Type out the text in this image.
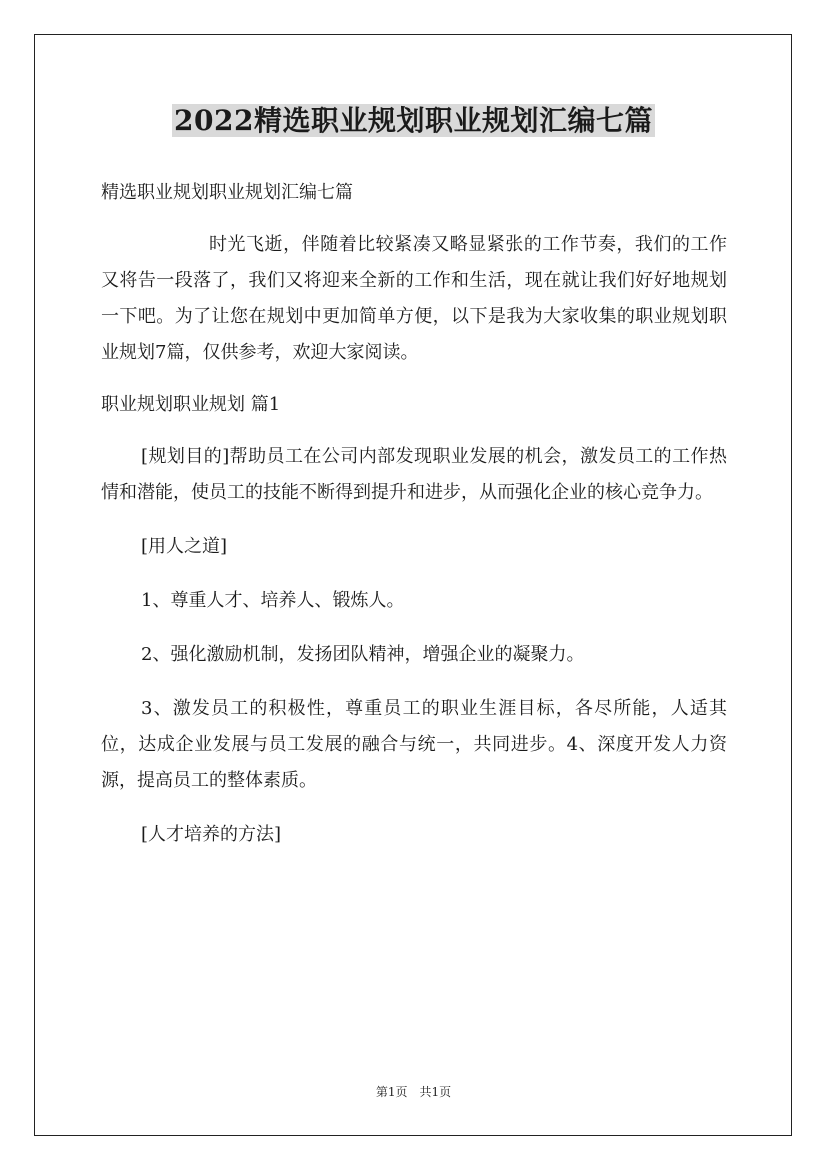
2022精选职业规划职业规划汇编七篇

精选职业规划职业规划汇编七篇

时光飞逝，伴随着比较紧凑又略显紧张的工作节奏，我们的工作又将告一段落了，我们又将迎来全新的工作和生活，现在就让我们好好地规划一下吧。为了让您在规划中更加简单方便，以下是我为大家收集的职业规划职业规划7篇，仅供参考，欢迎大家阅读。

职业规划职业规划 篇1

[规划目的]帮助员工在公司内部发现职业发展的机会，激发员工的工作热情和潜能，使员工的技能不断得到提升和进步，从而强化企业的核心竞争力。

[用人之道]

1、尊重人才、培养人、锻炼人。

2、强化激励机制，发扬团队精神，增强企业的凝聚力。

3、激发员工的积极性，尊重员工的职业生涯目标，各尽所能，人适其位，达成企业发展与员工发展的融合与统一，共同进步。4、深度开发人力资源，提高员工的整体素质。

[人才培养的方法]

第1页　共1页
